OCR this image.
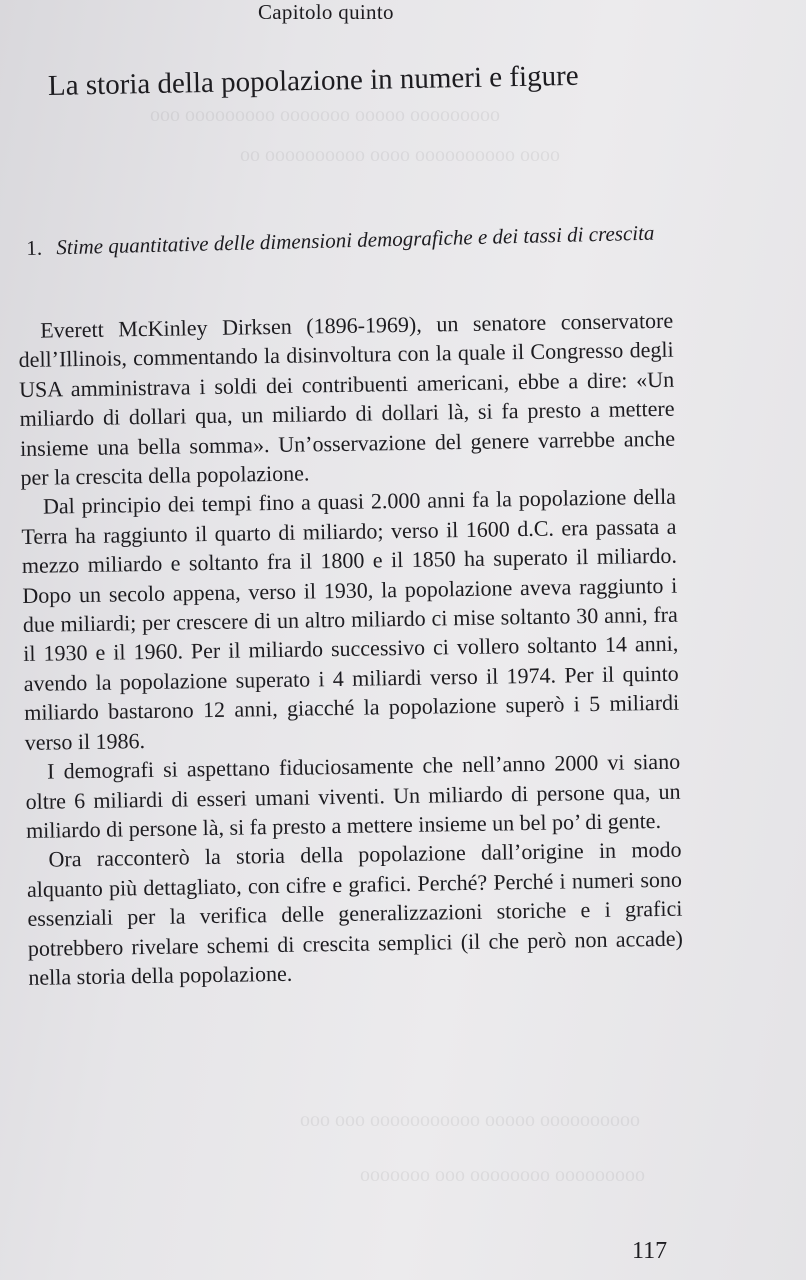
ooooooooo ooooo ooooooo ooooooooo ooo
oooo oooooooooo oooo oooooooooo oo
oooooooooo ooooo ooooooooooo ooo ooo
ooooooooo oooooooo ooo ooooooo
Capitolo quinto
La storia della popolazione in numeri e figure
1. Stime quantitative delle dimensioni demografiche e dei tassi di crescita

Everett McKinley Dirksen (1896-1969), un senatore conservatore dell’Illinois, commentando la disinvoltura con la quale il Congresso degli USA amministrava i soldi dei contribuenti americani, ebbe a dire: «Un miliardo di dollari qua, un miliardo di dollari là, si fa presto a mettere insieme una bella somma». Un’osservazione del genere varrebbe anche per la crescita della popolazione.

Dal principio dei tempi fino a quasi 2.000 anni fa la popolazione della Terra ha raggiunto il quarto di miliardo; verso il 1600 d.C. era passata a mezzo miliardo e soltanto fra il 1800 e il 1850 ha superato il miliardo. Dopo un secolo appena, verso il 1930, la popolazione aveva raggiunto i due miliardi; per crescere di un altro miliardo ci mise soltanto 30 anni, fra il 1930 e il 1960. Per il miliardo successivo ci vollero soltanto 14 anni, avendo la popolazione superato i 4 miliardi verso il 1974. Per il quinto miliardo bastarono 12 anni, giacché la popolazione superò i 5 miliardi verso il 1986.

I demografi si aspettano fiduciosamente che nell’anno 2000 vi siano oltre 6 miliardi di esseri umani viventi. Un miliardo di persone qua, un miliardo di persone là, si fa presto a mettere insieme un bel po’ di gente.

Ora racconterò la storia della popolazione dall’origine in modo alquanto più dettagliato, con cifre e grafici. Perché? Perché i numeri sono essenziali per la verifica delle generalizzazioni storiche e i grafici potrebbero rivelare schemi di crescita semplici (il che però non accade) nella storia della popolazione.

117
